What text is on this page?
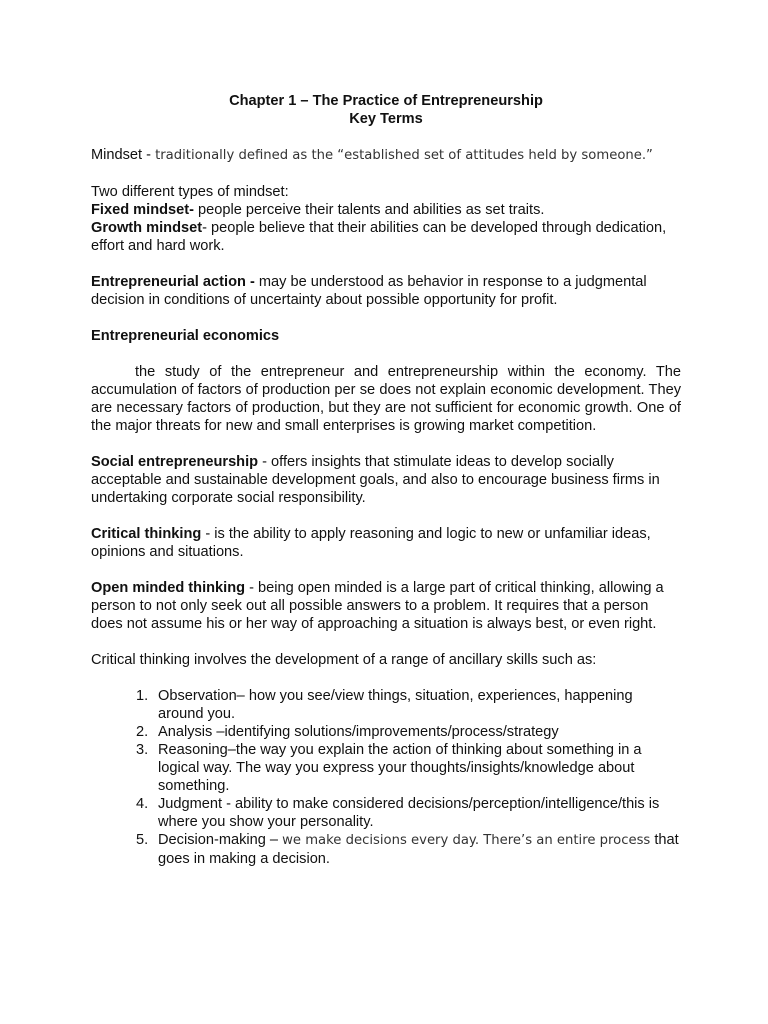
Chapter 1 – The Practice of Entrepreneurship
Key Terms

Mindset - traditionally defined as the “established set of attitudes held by someone.”

Two different types of mindset:
Fixed mindset- people perceive their talents and abilities as set traits.
Growth mindset- people believe that their abilities can be developed through dedication, effort and hard work.

Entrepreneurial action - may be understood as behavior in response to a judgmental decision in conditions of uncertainty about possible opportunity for profit.

Entrepreneurial economics

the study of the entrepreneur and entrepreneurship within the economy. The accumulation of factors of production per se does not explain economic development. They are necessary factors of production, but they are not sufficient for economic growth. One of the major threats for new and small enterprises is growing market competition.

Social entrepreneurship - offers insights that stimulate ideas to develop socially acceptable and sustainable development goals, and also to encourage business firms in undertaking corporate social responsibility.

Critical thinking - is the ability to apply reasoning and logic to new or unfamiliar ideas, opinions and situations.

Open minded thinking - being open minded is a large part of critical thinking, allowing a person to not only seek out all possible answers to a problem. It requires that a person does not assume his or her way of approaching a situation is always best, or even right.

Critical thinking involves the development of a range of ancillary skills such as:

1. Observation– how you see/view things, situation, experiences, happening around you.
2. Analysis –identifying solutions/improvements/process/strategy
3. Reasoning–the way you explain the action of thinking about something in a logical way. The way you express your thoughts/insights/knowledge about something.
4. Judgment - ability to make considered decisions/perception/intelligence/this is where you show your personality.
5. Decision-making – we make decisions every day. There’s an entire process that goes in making a decision.
